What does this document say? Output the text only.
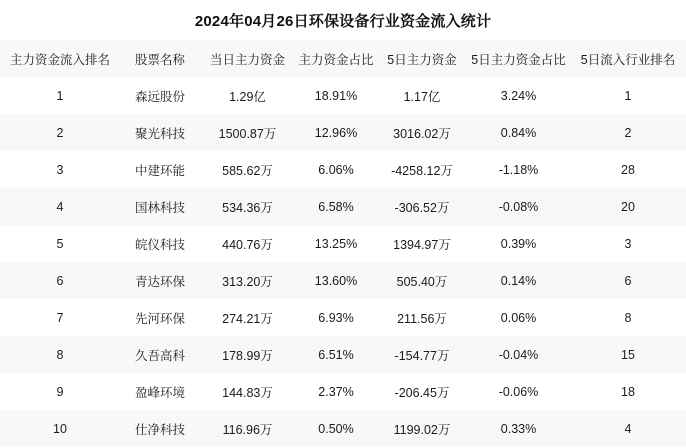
2024年04月26日环保设备行业资金流入统计
主力资金流入排名	股票名称	当日主力资金	主力资金占比	5日主力资金	5日主力资金占比	5日流入行业排名
1	森远股份	1.29亿	18.91%	1.17亿	3.24%	1
2	聚光科技	1500.87万	12.96%	3016.02万	0.84%	2
3	中建环能	585.62万	6.06%	-4258.12万	-1.18%	28
4	国林科技	534.36万	6.58%	-306.52万	-0.08%	20
5	皖仪科技	440.76万	13.25%	1394.97万	0.39%	3
6	青达环保	313.20万	13.60%	505.40万	0.14%	6
7	先河环保	274.21万	6.93%	211.56万	0.06%	8
8	久吾高科	178.99万	6.51%	-154.77万	-0.04%	15
9	盈峰环境	144.83万	2.37%	-206.45万	-0.06%	18
10	仕净科技	116.96万	0.50%	1199.02万	0.33%	4
